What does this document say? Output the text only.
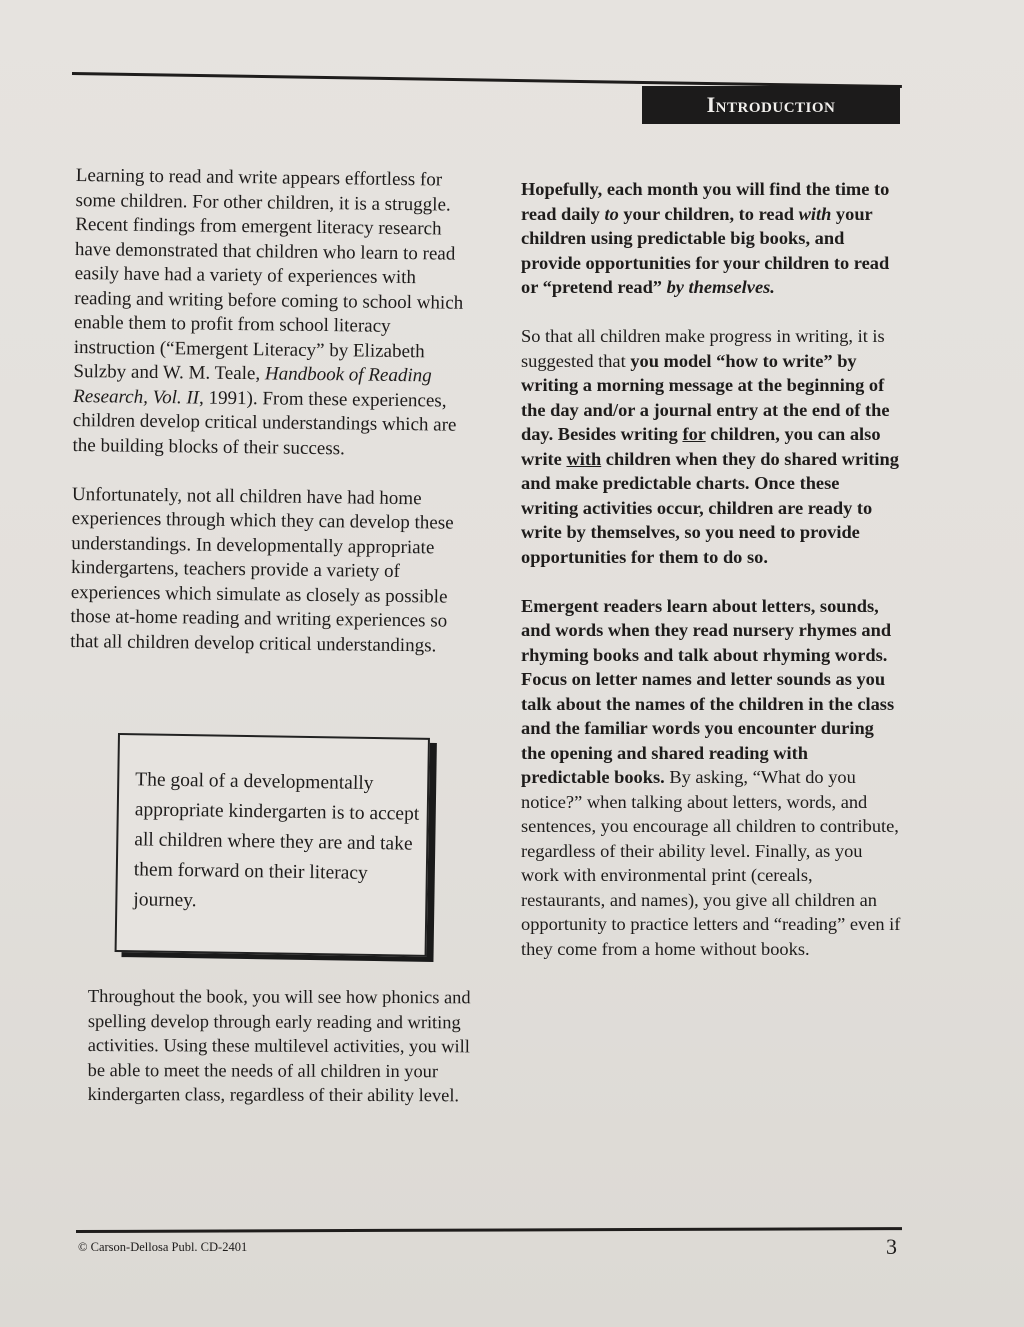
Introduction

Learning to read and write appears effortless for some children. For other children, it is a struggle. Recent findings from emergent literacy research have demonstrated that children who learn to read easily have had a variety of experiences with reading and writing before coming to school which enable them to profit from school literacy instruction (“Emergent Literacy” by Elizabeth Sulzby and W. M. Teale, Handbook of Reading Research, Vol. II, 1991). From these experiences, children develop critical understandings which are the building blocks of their success.

Unfortunately, not all children have had home experiences through which they can develop these understandings. In developmentally appropriate kindergartens, teachers provide a variety of experiences which simulate as closely as possible those at-home reading and writing experiences so that all children develop critical understandings.

The goal of a developmentally appropriate kindergarten is to accept all children where they are and take them forward on their literacy journey.

Throughout the book, you will see how phonics and spelling develop through early reading and writing activities. Using these multilevel activities, you will be able to meet the needs of all children in your kindergarten class, regardless of their ability level.

Hopefully, each month you will find the time to read daily to your children, to read with your children using predictable big books, and provide opportunities for your children to read or “pretend read” by themselves.

So that all children make progress in writing, it is suggested that you model “how to write” by writing a morning message at the beginning of the day and/or a journal entry at the end of the day. Besides writing for children, you can also write with children when they do shared writing and make predictable charts. Once these writing activities occur, children are ready to write by themselves, so you need to provide opportunities for them to do so.

Emergent readers learn about letters, sounds, and words when they read nursery rhymes and rhyming books and talk about rhyming words. Focus on letter names and letter sounds as you talk about the names of the children in the class and the familiar words you encounter during the opening and shared reading with predictable books. By asking, “What do you notice?” when talking about letters, words, and sentences, you encourage all children to contribute, regardless of their ability level. Finally, as you work with environmental print (cereals, restaurants, and names), you give all children an opportunity to practice letters and “reading” even if they come from a home without books.

© Carson-Dellosa Publ. CD-2401	3
